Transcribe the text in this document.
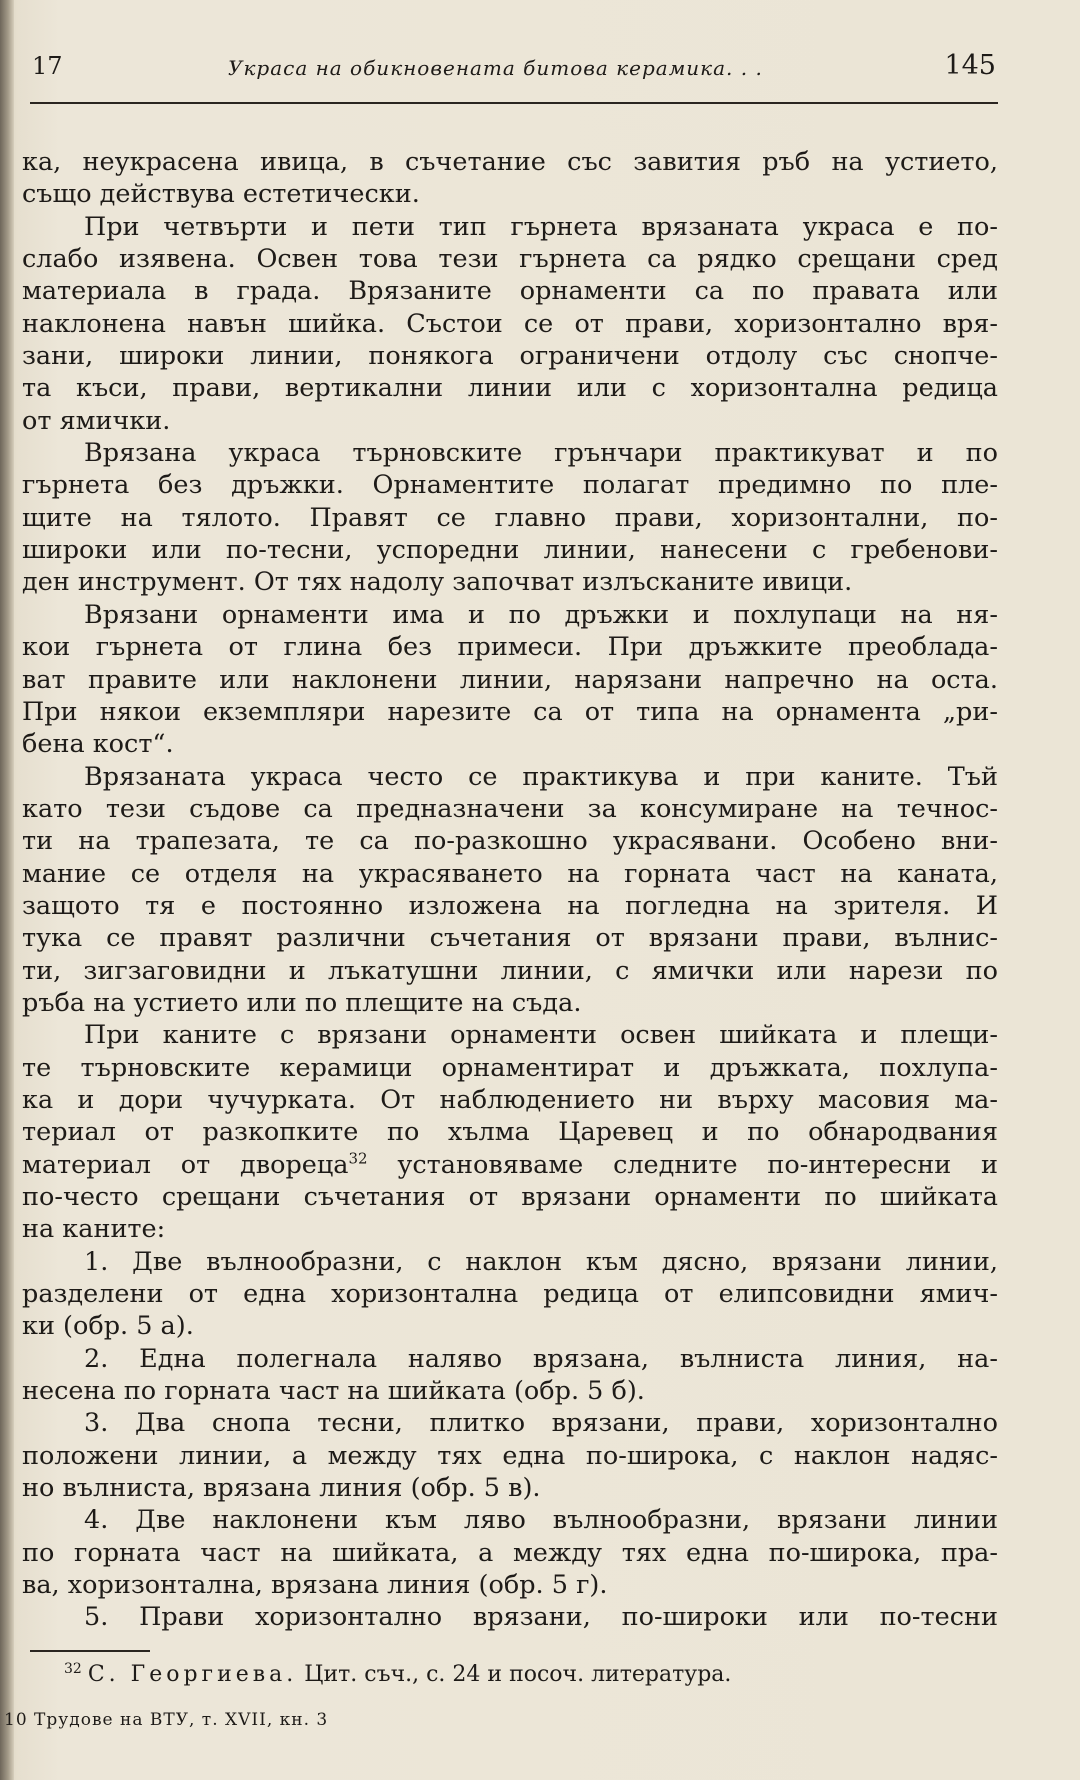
17	Украса на обикновената битова керамика. . .	145
ка, неукрасена ивица, в съчетание със завития ръб на устието,
също действува естетически.
При четвърти и пети тип гърнета врязаната украса е по-
слабо изявена. Освен това тези гърнета са рядко срещани сред
материала в града. Врязаните орнаменти са по правата или
наклонена навън шийка. Състои се от прави, хоризонтално вря-
зани, широки линии, понякога ограничени отдолу със снопче-
та къси, прави, вертикални линии или с хоризонтална редица
от ямички.
Врязана украса търновските грънчари практикуват и по
гърнета без дръжки. Орнаментите полагат предимно по пле-
щите на тялото. Правят се главно прави, хоризонтални, по-
широки или по-тесни, успоредни линии, нанесени с гребенови-
ден инструмент. От тях надолу започват излъсканите ивици.
Врязани орнаменти има и по дръжки и похлупаци на ня-
кои гърнета от глина без примеси. При дръжките преоблада-
ват правите или наклонени линии, нарязани напречно на оста.
При някои екземпляри нарезите са от типа на орнамента „ри-
бена кост“.
Врязаната украса често се практикува и при каните. Тъй
като тези съдове са предназначени за консумиране на течнос-
ти на трапезата, те са по-разкошно украсявани. Особено вни-
мание се отделя на украсяването на горната част на каната,
защото тя е постоянно изложена на погледна на зрителя. И
тука се правят различни съчетания от врязани прави, вълнис-
ти, зигзаговидни и лъкатушни линии, с ямички или нарези по
ръба на устието или по плещите на съда.
При каните с врязани орнаменти освен шийката и плещи-
те търновските керамици орнаментират и дръжката, похлупа-
ка и дори чучурката. От наблюдението ни върху масовия ма-
териал от разкопките по хълма Царевец и по обнародвания
материал от двореца$^{32}$ установяваме следните по-интересни и
по-често срещани съчетания от врязани орнаменти по шийката
на каните:
1. Две вълнообразни, с наклон към дясно, врязани линии,
разделени от една хоризонтална редица от елипсовидни ямич-
ки (обр. 5 а).
2. Една полегнала наляво врязана, вълниста линия, на-
несена по горната част на шийката (обр. 5 б).
3. Два снопа тесни, плитко врязани, прави, хоризонтално
положени линии, а между тях една по-широка, с наклон надяс-
но вълниста, врязана линия (обр. 5 в).
4. Две наклонени към ляво вълнообразни, врязани линии
по горната част на шийката, а между тях една по-широка, пра-
ва, хоризонтална, врязана линия (обр. 5 г).
5. Прави хоризонтално врязани, по-широки или по-тесни
$^{32}$ С. Георгиева. Цит. съч., с. 24 и посоч. литература.
10 Трудове на ВТУ, т. XVII, кн. 3
